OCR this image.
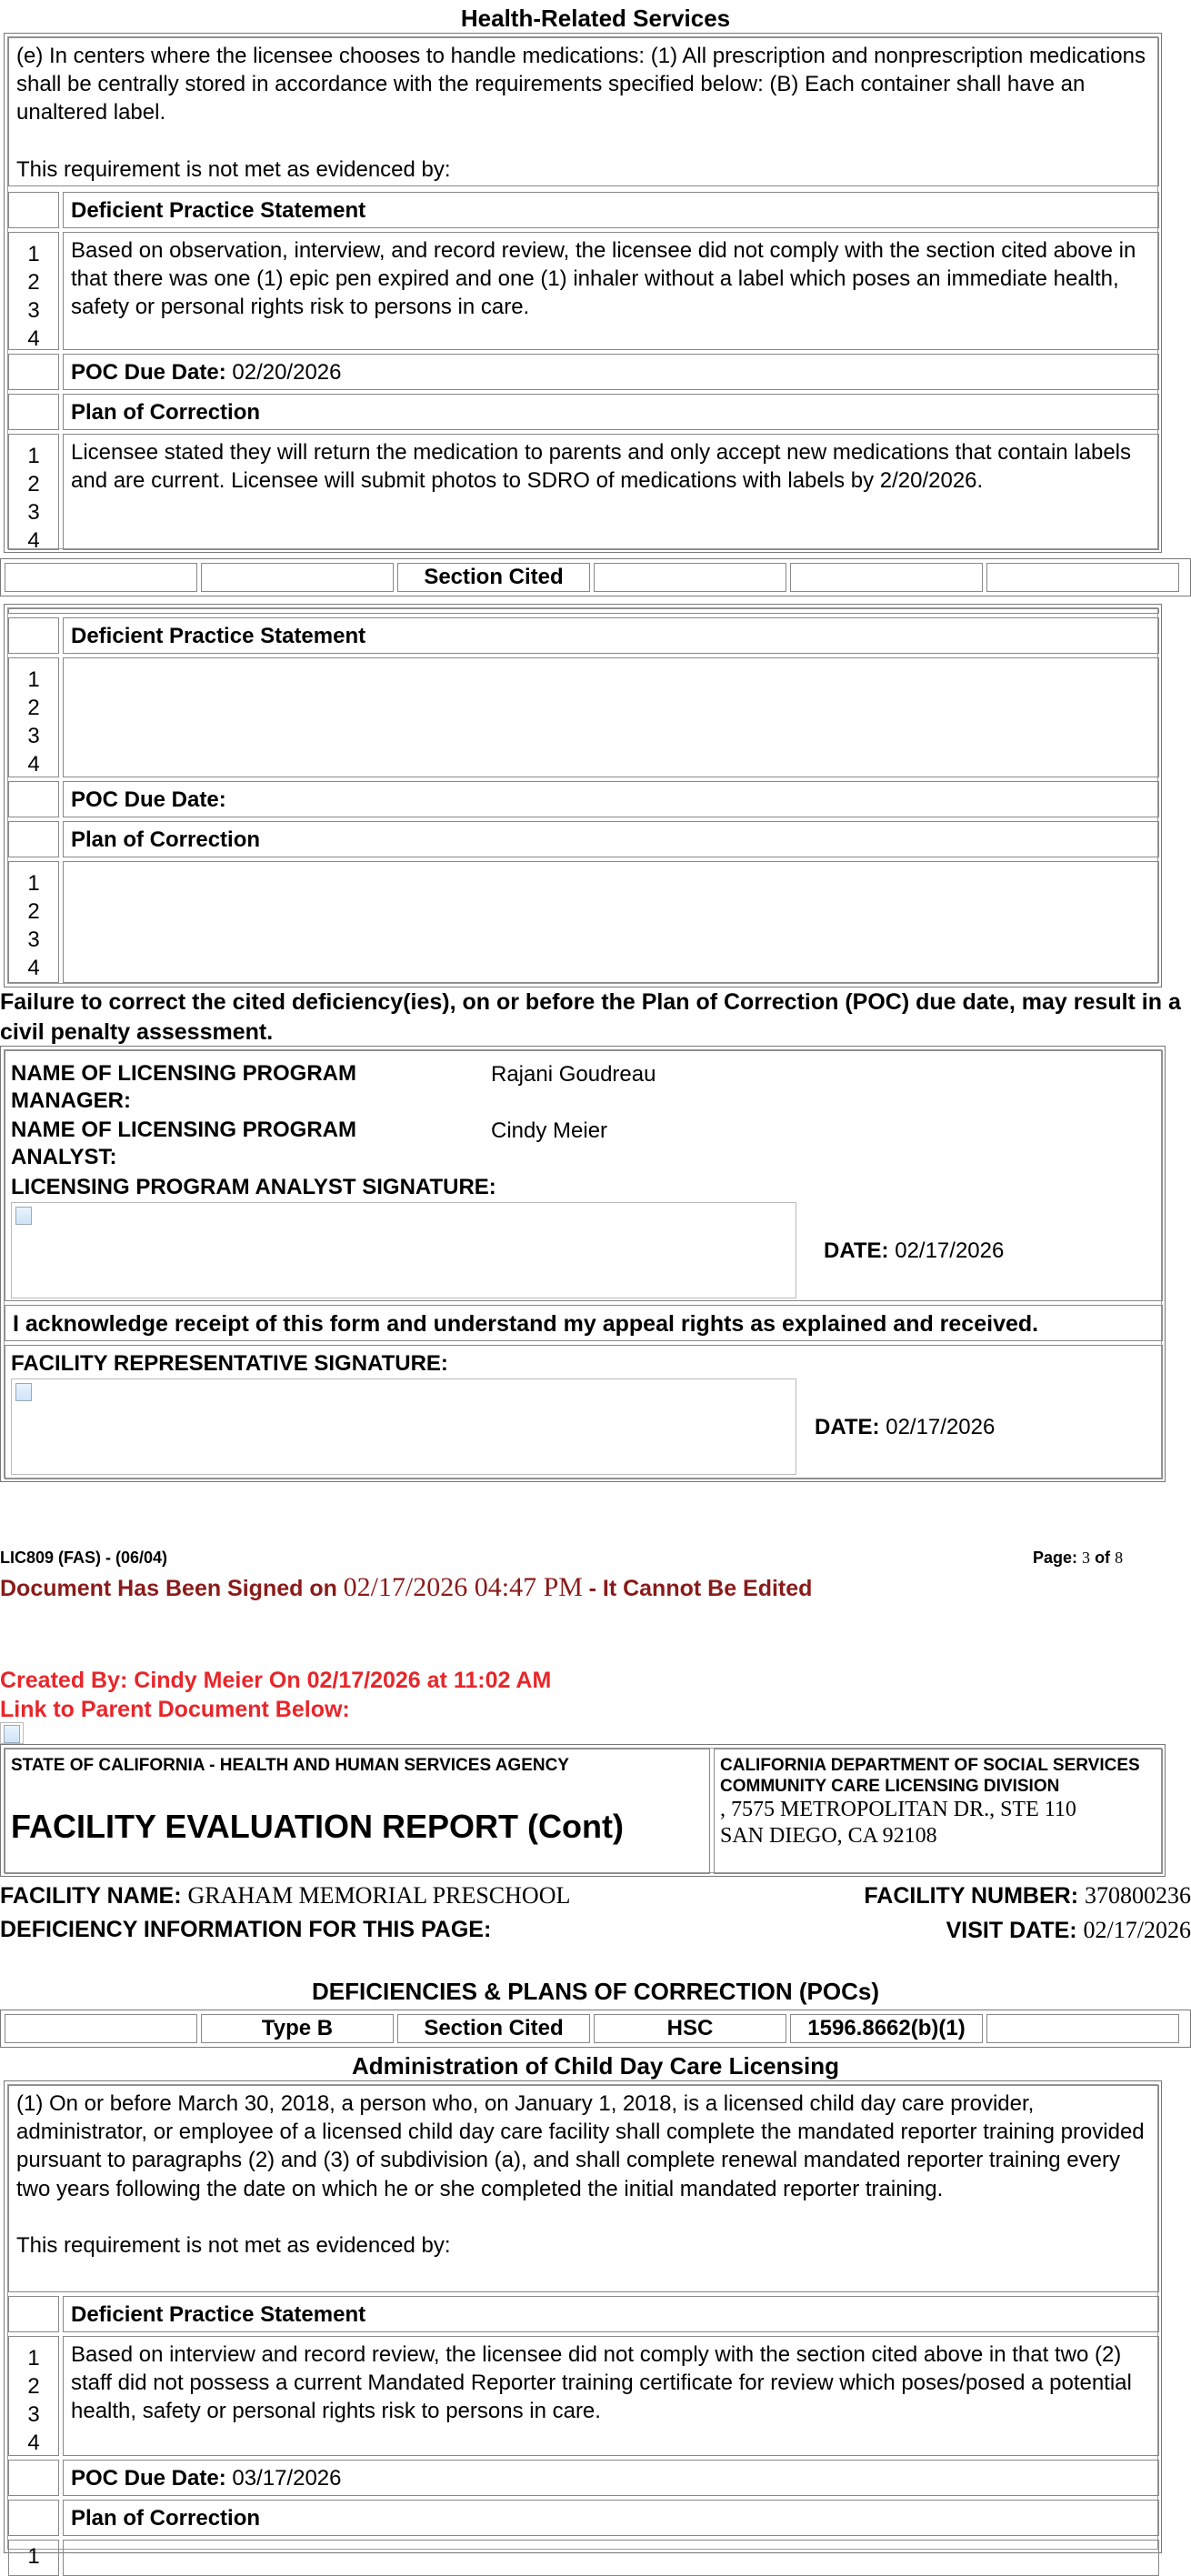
Health-Related Services
(e) In centers where the licensee chooses to handle medications: (1) All prescription and nonprescription medications shall be centrally stored in accordance with the requirements specified below: (B) Each container shall have an unaltered label.

This requirement is not met as evidenced by:
Deficient Practice Statement
1
2
3
4
Based on observation, interview, and record review, the licensee did not comply with the section cited above in that there was one (1) epic pen expired and one (1) inhaler without a label which poses an immediate health, safety or personal rights risk to persons in care.
POC Due Date: 02/20/2026
Plan of Correction
1
2
3
4
Licensee stated they will return the medication to parents and only accept new medications that contain labels and are current. Licensee will submit photos to SDRO of medications with labels by 2/20/2026.
Section Cited
Deficient Practice Statement
1
2
3
4
POC Due Date:
Plan of Correction
1
2
3
4
Failure to correct the cited deficiency(ies), on or before the Plan of Correction (POC) due date, may result in a civil penalty assessment.
NAME OF LICENSING PROGRAM MANAGER:
Rajani Goudreau
NAME OF LICENSING PROGRAM ANALYST:
Cindy Meier
LICENSING PROGRAM ANALYST SIGNATURE:
DATE: 02/17/2026
I acknowledge receipt of this form and understand my appeal rights as explained and received.
FACILITY REPRESENTATIVE SIGNATURE:
DATE: 02/17/2026
LIC809 (FAS) - (06/04)	Page: 3 of 8
Document Has Been Signed on 02/17/2026 04:47 PM - It Cannot Be Edited
Created By: Cindy Meier On 02/17/2026 at 11:02 AM
Link to Parent Document Below:
STATE OF CALIFORNIA - HEALTH AND HUMAN SERVICES AGENCY
FACILITY EVALUATION REPORT (Cont)
CALIFORNIA DEPARTMENT OF SOCIAL SERVICES
COMMUNITY CARE LICENSING DIVISION
, 7575 METROPOLITAN DR., STE 110
SAN DIEGO, CA 92108
FACILITY NAME: GRAHAM MEMORIAL PRESCHOOL	FACILITY NUMBER: 370800236
DEFICIENCY INFORMATION FOR THIS PAGE:	VISIT DATE: 02/17/2026
DEFICIENCIES & PLANS OF CORRECTION (POCs)
Type B	Section Cited	HSC	1596.8662(b)(1)
Administration of Child Day Care Licensing
(1) On or before March 30, 2018, a person who, on January 1, 2018, is a licensed child day care provider, administrator, or employee of a licensed child day care facility shall complete the mandated reporter training provided pursuant to paragraphs (2) and (3) of subdivision (a), and shall complete renewal mandated reporter training every two years following the date on which he or she completed the initial mandated reporter training.

This requirement is not met as evidenced by:
Deficient Practice Statement
1
2
3
4
Based on interview and record review, the licensee did not comply with the section cited above in that two (2) staff did not possess a current Mandated Reporter training certificate for review which poses/posed a potential health, safety or personal rights risk to persons in care.
POC Due Date: 03/17/2026
Plan of Correction
1
